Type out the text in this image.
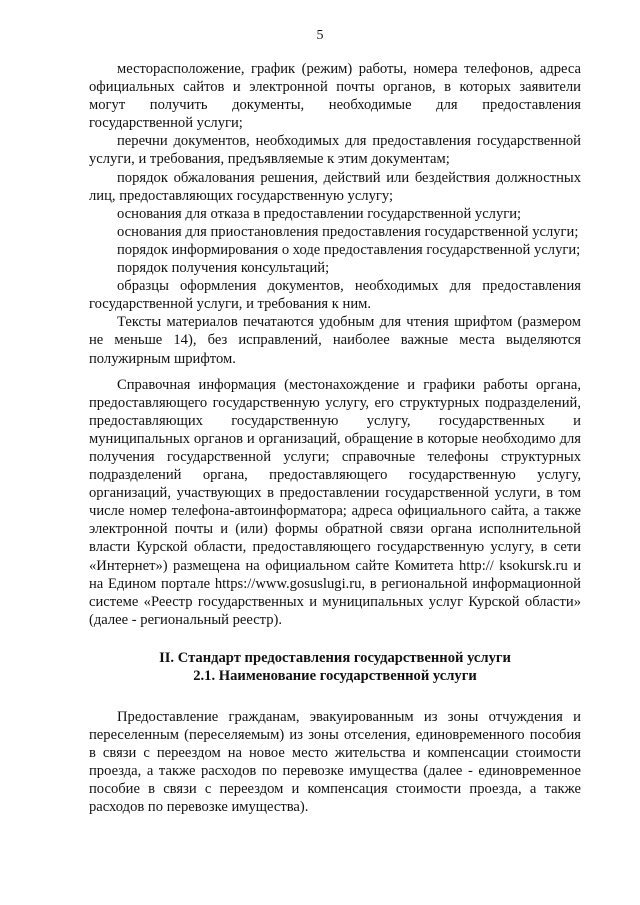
5

месторасположение, график (режим) работы, номера телефонов, адреса официальных сайтов и электронной почты органов, в которых заявители могут получить документы, необходимые для предоставления государственной услуги;

перечни документов, необходимых для предоставления государственной услуги, и требования, предъявляемые к этим документам;

порядок обжалования решения, действий или бездействия должностных лиц, предоставляющих государственную услугу;

основания для отказа в предоставлении государственной услуги;

основания для приостановления предоставления государственной услуги;

порядок информирования о ходе предоставления государственной услуги;

порядок получения консультаций;

образцы оформления документов, необходимых для предоставления государственной услуги, и требования к ним.

Тексты материалов печатаются удобным для чтения шрифтом (размером не меньше 14), без исправлений, наиболее важные места выделяются полужирным шрифтом.

Справочная информация (местонахождение и графики работы органа, предоставляющего государственную услугу, его структурных подразделений, предоставляющих государственную услугу, государственных и муниципальных органов и организаций, обращение в которые необходимо для получения государственной услуги; справочные телефоны структурных подразделений органа, предоставляющего государственную услугу, организаций, участвующих в предоставлении государственной услуги, в том числе номер телефона-автоинформатора; адреса официального сайта, а также электронной почты и (или) формы обратной связи органа исполнительной власти Курской области, предоставляющего государственную услугу, в сети «Интернет») размещена на официальном сайте Комитета http:// ksokursk.ru и на Едином портале https://www.gosuslugi.ru, в региональной информационной системе «Реестр государственных и муниципальных услуг Курской области» (далее - региональный реестр).

II. Стандарт предоставления государственной услуги

2.1. Наименование государственной услуги

Предоставление гражданам, эвакуированным из зоны отчуждения и переселенным (переселяемым) из зоны отселения, единовременного пособия в связи с переездом на новое место жительства и компенсации стоимости проезда, а также расходов по перевозке имущества (далее - единовременное пособие в связи с переездом и компенсация стоимости проезда, а также расходов по перевозке имущества).
